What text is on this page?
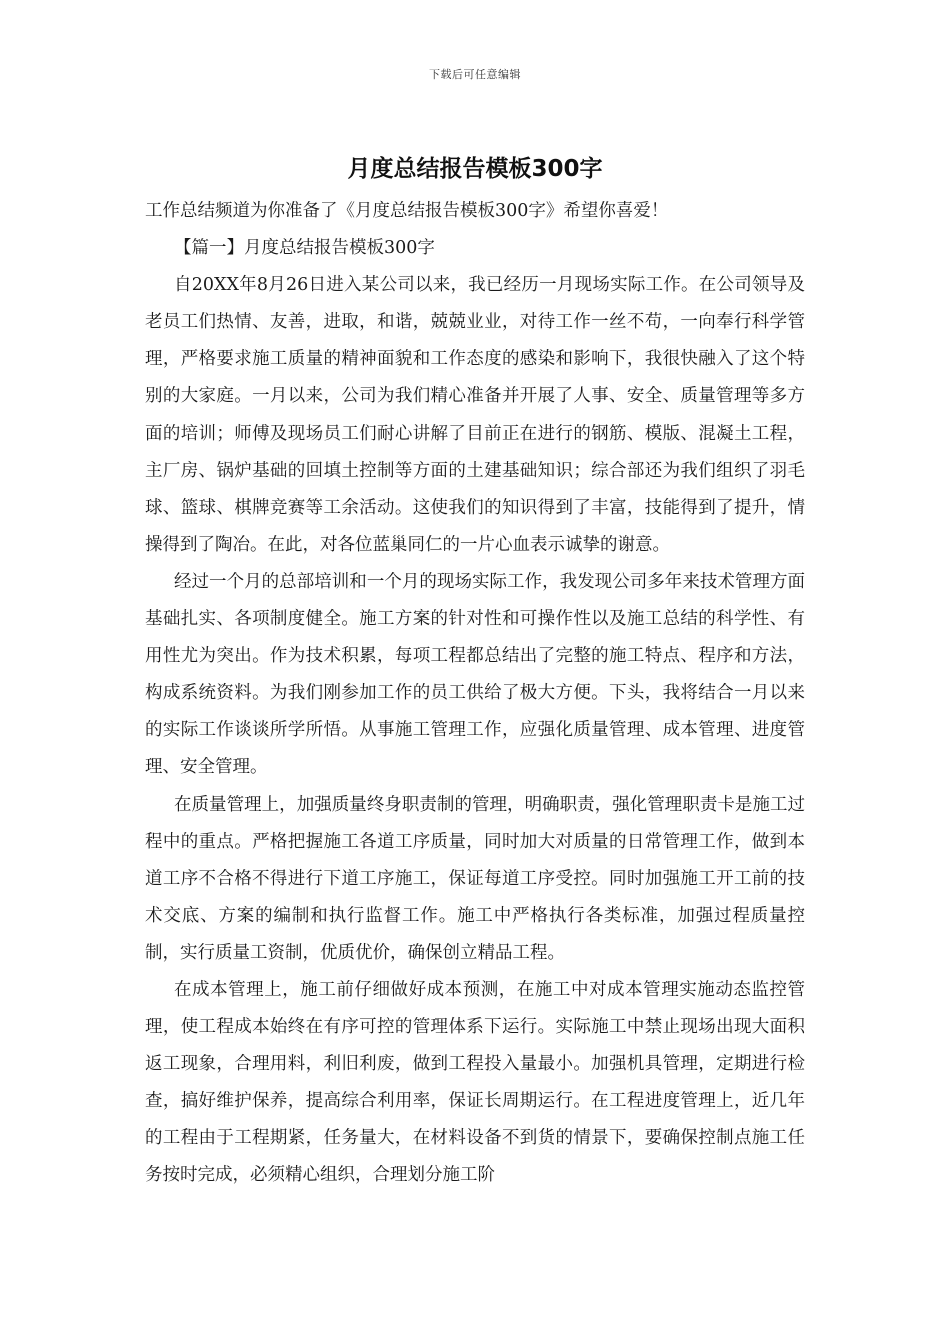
下载后可任意编辑
月度总结报告模板300字

工作总结频道为你准备了《月度总结报告模板300字》希望你喜爱！

【篇一】月度总结报告模板300字

自20XX年8月26日进入某公司以来，我已经历一月现场实际工作。在公司领导及老员工们热情、友善，进取，和谐，兢兢业业，对待工作一丝不苟，一向奉行科学管理，严格要求施工质量的精神面貌和工作态度的感染和影响下，我很快融入了这个特别的大家庭。一月以来，公司为我们精心准备并开展了人事、安全、质量管理等多方面的培训；师傅及现场员工们耐心讲解了目前正在进行的钢筋、模版、混凝土工程，主厂房、锅炉基础的回填土控制等方面的土建基础知识；综合部还为我们组织了羽毛球、篮球、棋牌竞赛等工余活动。这使我们的知识得到了丰富，技能得到了提升，情操得到了陶冶。在此，对各位蓝巢同仁的一片心血表示诚挚的谢意。

经过一个月的总部培训和一个月的现场实际工作，我发现公司多年来技术管理方面基础扎实、各项制度健全。施工方案的针对性和可操作性以及施工总结的科学性、有用性尤为突出。作为技术积累，每项工程都总结出了完整的施工特点、程序和方法，构成系统资料。为我们刚参加工作的员工供给了极大方便。下头，我将结合一月以来的实际工作谈谈所学所悟。从事施工管理工作，应强化质量管理、成本管理、进度管理、安全管理。

在质量管理上，加强质量终身职责制的管理，明确职责，强化管理职责卡是施工过程中的重点。严格把握施工各道工序质量，同时加大对质量的日常管理工作，做到本道工序不合格不得进行下道工序施工，保证每道工序受控。同时加强施工开工前的技术交底、方案的编制和执行监督工作。施工中严格执行各类标准，加强过程质量控制，实行质量工资制，优质优价，确保创立精品工程。

在成本管理上，施工前仔细做好成本预测，在施工中对成本管理实施动态监控管理，使工程成本始终在有序可控的管理体系下运行。实际施工中禁止现场出现大面积返工现象，合理用料，利旧利废，做到工程投入量最小。加强机具管理，定期进行检查，搞好维护保养，提高综合利用率，保证长周期运行。在工程进度管理上，近几年的工程由于工程期紧，任务量大，在材料设备不到货的情景下，要确保控制点施工任务按时完成，必须精心组织，合理划分施工阶
